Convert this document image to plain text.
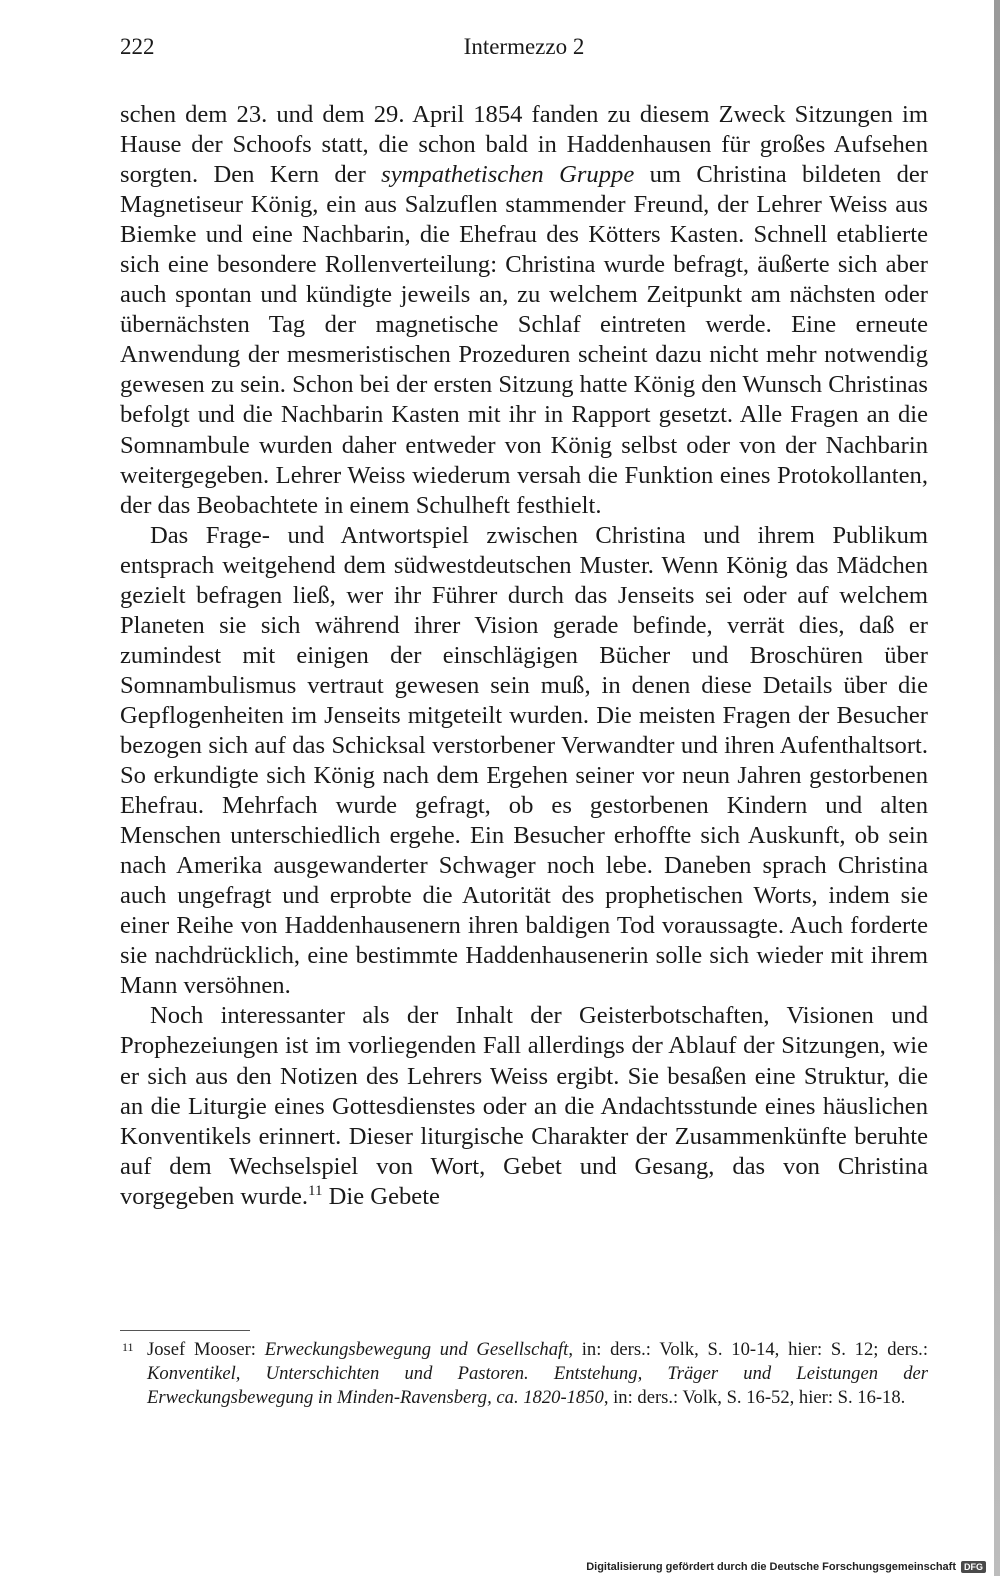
222	Intermezzo 2

schen dem 23. und dem 29. April 1854 fanden zu diesem Zweck Sitzungen im Hause der Schoofs statt, die schon bald in Haddenhausen für großes Aufsehen sorgten. Den Kern der sympathetischen Gruppe um Christina bildeten der Magnetiseur König, ein aus Salzuflen stammender Freund, der Lehrer Weiss aus Biemke und eine Nachbarin, die Ehefrau des Kötters Kasten. Schnell etablierte sich eine besondere Rollenverteilung: Christina wurde befragt, äußerte sich aber auch spontan und kündigte jeweils an, zu welchem Zeitpunkt am nächsten oder übernächsten Tag der magnetische Schlaf eintreten werde. Eine erneute Anwendung der mesmeristischen Prozeduren scheint dazu nicht mehr notwendig gewesen zu sein. Schon bei der ersten Sitzung hatte König den Wunsch Christinas befolgt und die Nachbarin Kasten mit ihr in Rapport gesetzt. Alle Fragen an die Somnambule wurden daher entweder von König selbst oder von der Nachbarin weitergegeben. Lehrer Weiss wiederum versah die Funktion eines Protokollanten, der das Beobachtete in einem Schulheft festhielt.

Das Frage- und Antwortspiel zwischen Christina und ihrem Publikum entsprach weitgehend dem südwestdeutschen Muster. Wenn König das Mädchen gezielt befragen ließ, wer ihr Führer durch das Jenseits sei oder auf welchem Planeten sie sich während ihrer Vision gerade befinde, verrät dies, daß er zumindest mit einigen der einschlägigen Bücher und Broschüren über Somnambulismus vertraut gewesen sein muß, in denen diese Details über die Gepflogenheiten im Jenseits mitgeteilt wurden. Die meisten Fragen der Besucher bezogen sich auf das Schicksal verstorbener Verwandter und ihren Aufenthaltsort. So erkundigte sich König nach dem Ergehen seiner vor neun Jahren gestorbenen Ehefrau. Mehrfach wurde gefragt, ob es gestorbenen Kindern und alten Menschen unterschiedlich ergehe. Ein Besucher erhoffte sich Auskunft, ob sein nach Amerika ausgewanderter Schwager noch lebe. Daneben sprach Christina auch ungefragt und erprobte die Autorität des prophetischen Worts, indem sie einer Reihe von Haddenhausenern ihren baldigen Tod voraussagte. Auch forderte sie nachdrücklich, eine bestimmte Haddenhausenerin solle sich wieder mit ihrem Mann versöhnen.

Noch interessanter als der Inhalt der Geisterbotschaften, Visionen und Prophezeiungen ist im vorliegenden Fall allerdings der Ablauf der Sitzungen, wie er sich aus den Notizen des Lehrers Weiss ergibt. Sie besaßen eine Struktur, die an die Liturgie eines Gottesdienstes oder an die Andachtsstunde eines häuslichen Konventikels erinnert. Dieser liturgische Charakter der Zusammenkünfte beruhte auf dem Wechselspiel von Wort, Gebet und Gesang, das von Christina vorgegeben wurde.$^{11}$ Die Gebete

11 Josef Mooser: Erweckungsbewegung und Gesellschaft, in: ders.: Volk, S. 10-14, hier: S. 12; ders.: Konventikel, Unterschichten und Pastoren. Entstehung, Träger und Leistungen der Erweckungsbewegung in Minden-Ravensberg, ca. 1820-1850, in: ders.: Volk, S. 16-52, hier: S. 16-18.
Digitalisierung gefördert durch die Deutsche Forschungsgemeinschaft DFG
